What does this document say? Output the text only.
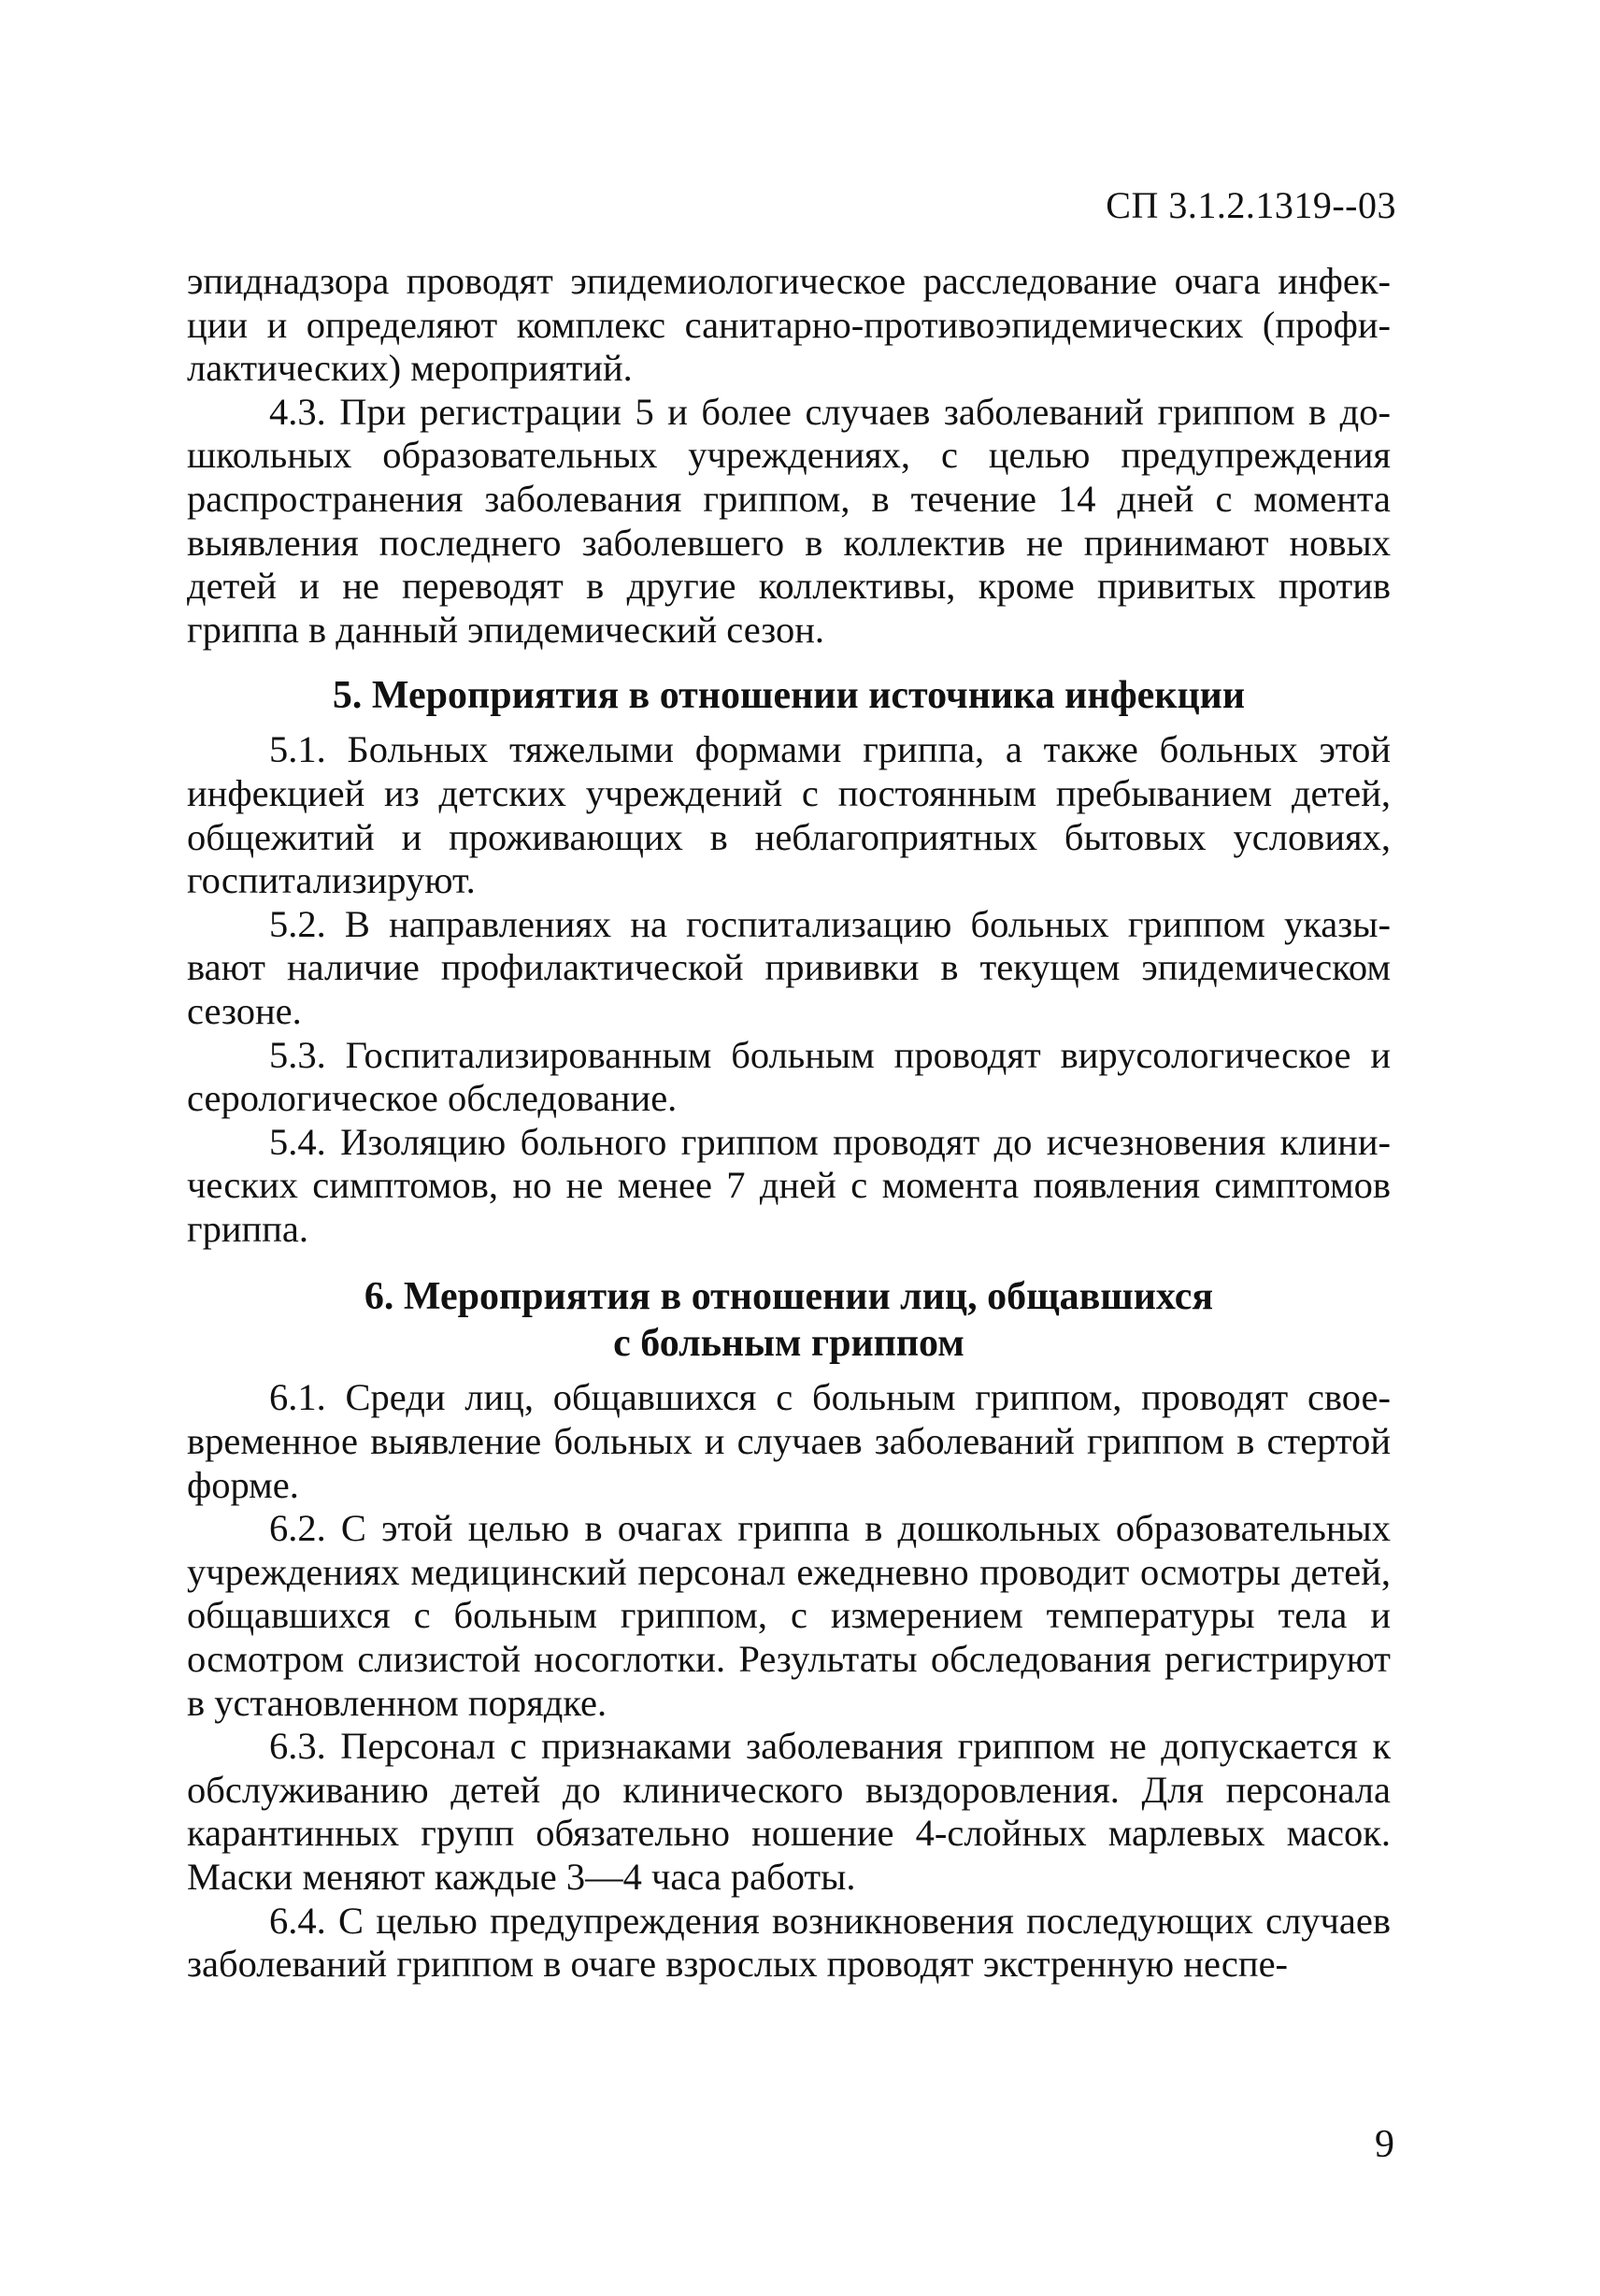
СП 3.1.2.1319--03

эпиднадзора проводят эпидемиологическое расследование очага инфекции и определяют комплекс санитарно-противоэпидемических (профилактических) мероприятий.

4.3. При регистрации 5 и более случаев заболеваний гриппом в дошкольных образовательных учреждениях, с целью предупреждения распространения заболевания гриппом, в течение 14 дней с момента выявления последнего заболевшего в коллектив не принимают новых детей и не переводят в другие коллективы, кроме привитых против гриппа в данный эпидемический сезон.

5. Мероприятия в отношении источника инфекции

5.1. Больных тяжелыми формами гриппа, а также больных этой инфекцией из детских учреждений с постоянным пребыванием детей, общежитий и проживающих в неблагоприятных бытовых условиях, госпитализируют.

5.2. В направлениях на госпитализацию больных гриппом указывают наличие профилактической прививки в текущем эпидемическом сезоне.

5.3. Госпитализированным больным проводят вирусологическое и серологическое обследование.

5.4. Изоляцию больного гриппом проводят до исчезновения клинических симптомов, но не менее 7 дней с момента появления симптомов гриппа.

6. Мероприятия в отношении лиц, общавшихся
с больным гриппом

6.1. Среди лиц, общавшихся с больным гриппом, проводят своевременное выявление больных и случаев заболеваний гриппом в стертой форме.

6.2. С этой целью в очагах гриппа в дошкольных образовательных учреждениях медицинский персонал ежедневно проводит осмотры детей, общавшихся с больным гриппом, с измерением температуры тела и осмотром слизистой носоглотки. Результаты обследования регистрируют в установленном порядке.

6.3. Персонал с признаками заболевания гриппом не допускается к обслуживанию детей до клинического выздоровления. Для персонала карантинных групп обязательно ношение 4-слойных марлевых масок. Маски меняют каждые 3—4 часа работы.

6.4. С целью предупреждения возникновения последующих случаев заболеваний гриппом в очаге взрослых проводят экстренную неспе-

9
